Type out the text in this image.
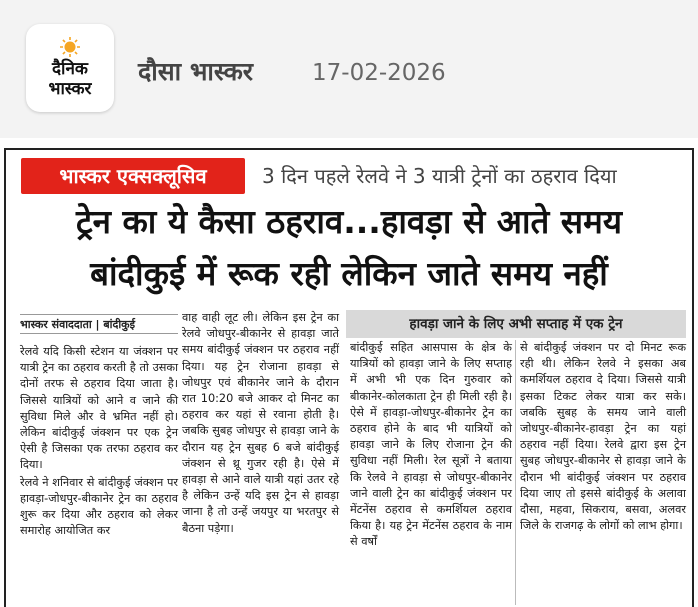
दैनिक
भास्कर
दौसा भास्कर	17-02-2026
भास्कर एक्सक्लूसिव	3 दिन पहले रेलवे ने 3 यात्री ट्रेनों का ठहराव दिया
ट्रेन का ये कैसा ठहराव...हावड़ा से आते समय
बांदीकुई में रूक रही लेकिन जाते समय नहीं
भास्कर संवाददाता | बांदीकुई

रेलवे यदि किसी स्टेशन या जंक्शन पर यात्री ट्रेन का ठहराव करती है तो उसका दोनों तरफ से ठहराव दिया जाता है। जिससे यात्रियों को आने व जाने की सुविधा मिले और वे भ्रमित नहीं हो। लेकिन बांदीकुई जंक्शन पर एक ट्रेन ऐसी है जिसका एक तरफा ठहराव कर दिया।

रेलवे ने शनिवार से बांदीकुई जंक्शन पर हावड़ा-जोधपुर-बीकानेर ट्रेन का ठहराव शुरू कर दिया और ठहराव को लेकर समारोह आयोजित कर

वाह वाही लूट ली। लेकिन इस ट्रेन का रेलवे जोधपुर-बीकानेर से हावड़ा जाते समय बांदीकुई जंक्शन पर ठहराव नहीं दिया। यह ट्रेन रोजाना हावड़ा से जोधपुर एवं बीकानेर जाने के दौरान रात 10:20 बजे आकर दो मिनट का ठहराव कर यहां से रवाना होती है। जबकि सुबह जोधपुर से हावड़ा जाने के दौरान यह ट्रेन सुबह 6 बजे बांदीकुई जंक्शन से थ्रू गुजर रही है। ऐसे में हावड़ा से आने वाले यात्री यहां उतर रहे है लेकिन उन्हें यदि इस ट्रेन से हावड़ा जाना है तो उन्हें जयपुर या भरतपुर से बैठना पड़ेगा।
हावड़ा जाने के लिए अभी सप्ताह में एक ट्रेन
बांदीकुई सहित आसपास के क्षेत्र के यात्रियों को हावड़ा जाने के लिए सप्ताह में अभी भी एक दिन गुरुवार को बीकानेर-कोलकाता ट्रेन ही मिली रही है। ऐसे में हावड़ा-जोधपुर-बीकानेर ट्रेन का ठहराव होने के बाद भी यात्रियों को हावड़ा जाने के लिए रोजाना ट्रेन की सुविधा नहीं मिली। रेल सूत्रों ने बताया कि रेलवे ने हावड़ा से जोधपुर-बीकानेर जाने वाली ट्रेन का बांदीकुई जंक्शन पर मेंटनेंस ठहराव से कमर्शियल ठहराव किया है। यह ट्रेन मेंटनेंस ठहराव के नाम से वर्षों
से बांदीकुई जंक्शन पर दो मिनट रूक रही थी। लेकिन रेलवे ने इसका अब कमर्शियल ठहराव दे दिया। जिससे यात्री इसका टिकट लेकर यात्रा कर सके। जबकि सुबह के समय जाने वाली जोधपुर-बीकानेर-हावड़ा ट्रेन का यहां ठहराव नहीं दिया। रेलवे द्वारा इस ट्रेन सुबह जोधपुर-बीकानेर से हावड़ा जाने के दौरान भी बांदीकुई जंक्शन पर ठहराव दिया जाए तो इससे बांदीकुई के अलावा दौसा, महवा, सिकराय, बसवा, अलवर जिले के राजगढ़ के लोगों को लाभ होगा।
